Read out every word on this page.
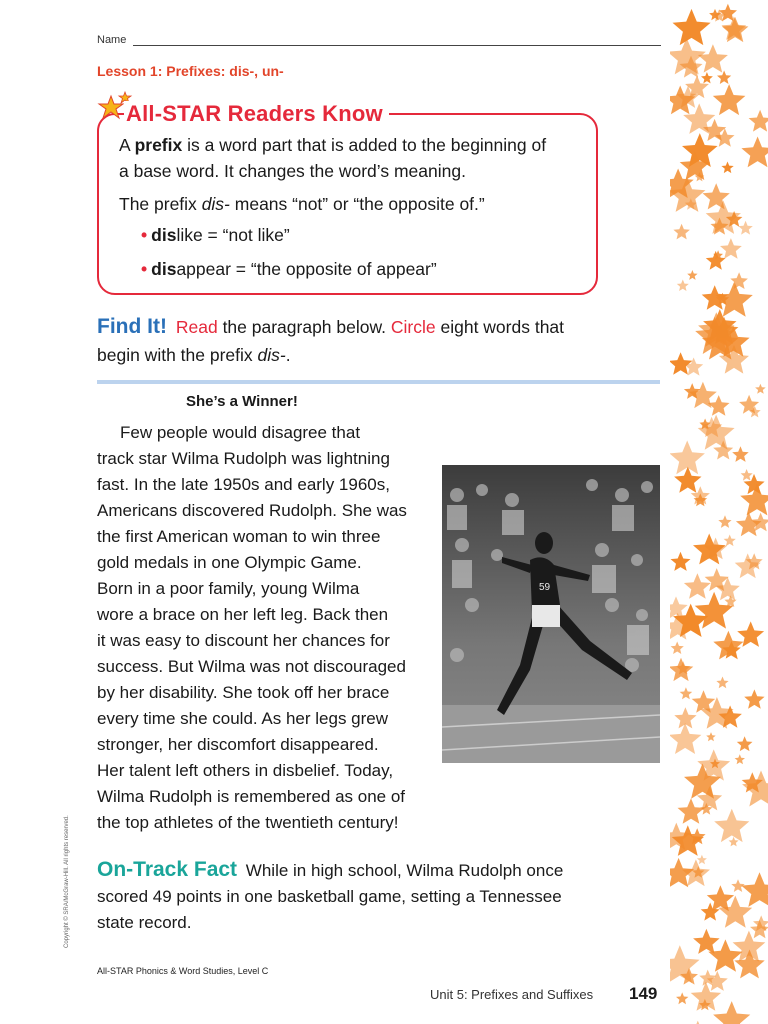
Name
Lesson 1: Prefixes: dis-, un-
All-STAR Readers Know
A prefix is a word part that is added to the beginning of
a base word. It changes the word’s meaning.
The prefix dis- means “not” or “the opposite of.”
• dislike = “not like”
• disappear = “the opposite of appear”
Find It! Read the paragraph below. Circle eight words that
begin with the prefix dis-.
She’s a Winner!
Few people would disagree that
track star Wilma Rudolph was lightning
fast. In the late 1950s and early 1960s,
Americans discovered Rudolph. She was
the first American woman to win three
gold medals in one Olympic Game.
Born in a poor family, young Wilma
wore a brace on her left leg. Back then
it was easy to discount her chances for
success. But Wilma was not discouraged
by her disability. She took off her brace
every time she could. As her legs grew
stronger, her discomfort disappeared.
Her talent left others in disbelief. Today,
Wilma Rudolph is remembered as one of
the top athletes of the twentieth century!
59
On-Track Fact While in high school, Wilma Rudolph once
scored 49 points in one basketball game, setting a Tennessee
state record.
Copyright © SRA/McGraw-Hill. All rights reserved.
All-STAR Phonics & Word Studies, Level C
Unit 5: Prefixes and Suffixes 149
